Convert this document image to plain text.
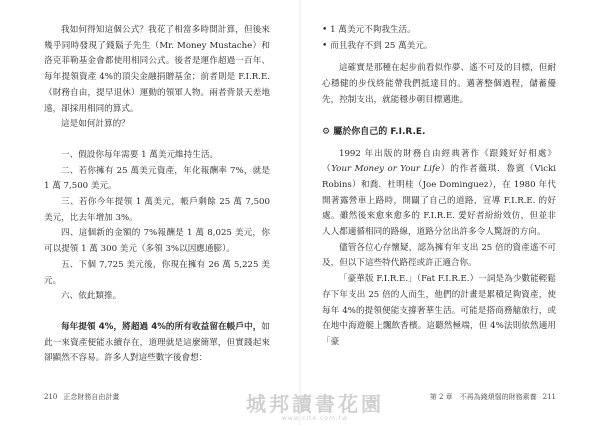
我如何得知這個公式？我花了相當多時間計算，但後來幾乎同時發現了錢鬍子先生（Mr. Money Mustache）和洛克菲勒基金會都使用相同公式。後者是運作超過一百年、每年提領資產 4%的頂尖金融捐贈基金；前者則是 F.I.R.E.（財務自由，提早退休）運動的領軍人物。兩者背景天差地遠，卻採用相同的算式。

這是如何計算的？

一、假設你每年需要 1 萬美元維持生活。

二、若你擁有 25 萬美元資產，年化報酬率 7%，就是 1 萬 7,500 美元。

三、若你今年提領 1 萬美元，帳戶剩餘 25 萬 7,500 美元，比去年增加 3%。

四、這個新的金額的 7%報酬是 1 萬 8,025 美元，你可以提領 1 萬 300 美元（多領 3%以因應通膨）。

五、下個 7,725 美元後，你現在擁有 26 萬 5,225 美元。

六、依此類推。

每年提領 4%，將超過 4%的所有收益留在帳戶中，如此一來資產便能永續存在，道理就是這麼簡單，但實踐起來卻顯然不容易。許多人對這些數字後會想：

210 正念財務自由計畫

• 1 萬美元不夠我生活。

• 而且我存不到 25 萬美元。

這確實是那種在起步前看似作夢、遙不可及的目標，但耐心穩健的步伐終能帶我們抵達目的。邁著整個過程，儲蓄優先，控制支出，就能穩步朝目標邁進。

⚙ 屬於你自己的 F.I.R.E.

1992 年出版的財務自由經典著作《跟錢好好相處》（Your Money or Your Life）的作者薇琪．魯賓（Vicki Robins）和喬．杜明桂（Joe Dominguez），在 1980 年代開著露營車上路時，開闢了自己的道路，宣導 F.I.R.E. 的好處。雖然後來愈來愈多的 F.I.R.E. 愛好者紛紛效仿，但並非人人都適循相同的路線，道路分岔出許多令人驚訝的方向。

儘管各位心存懷疑，認為擁有年支出 25 倍的資產遙不可及，但以下這些特代路徑或許正適合你。

「豪華版 F.I.R.E.」（Fat F.I.R.E.）一詞是為少數能輕鬆存下年支出 25 倍的人而生，他們的計畫是累積足夠資產，使每年 4%的提領便能支撐奢華生活。可能是搭商務艙旅行，或在地中海遊艇上飄飲香檳。這聽然極端，但 4%法則依然適用「豪

第 2 章　不再為錢煩惱的財務素養 211
城邦讀書花園
www.cite.com.tw
